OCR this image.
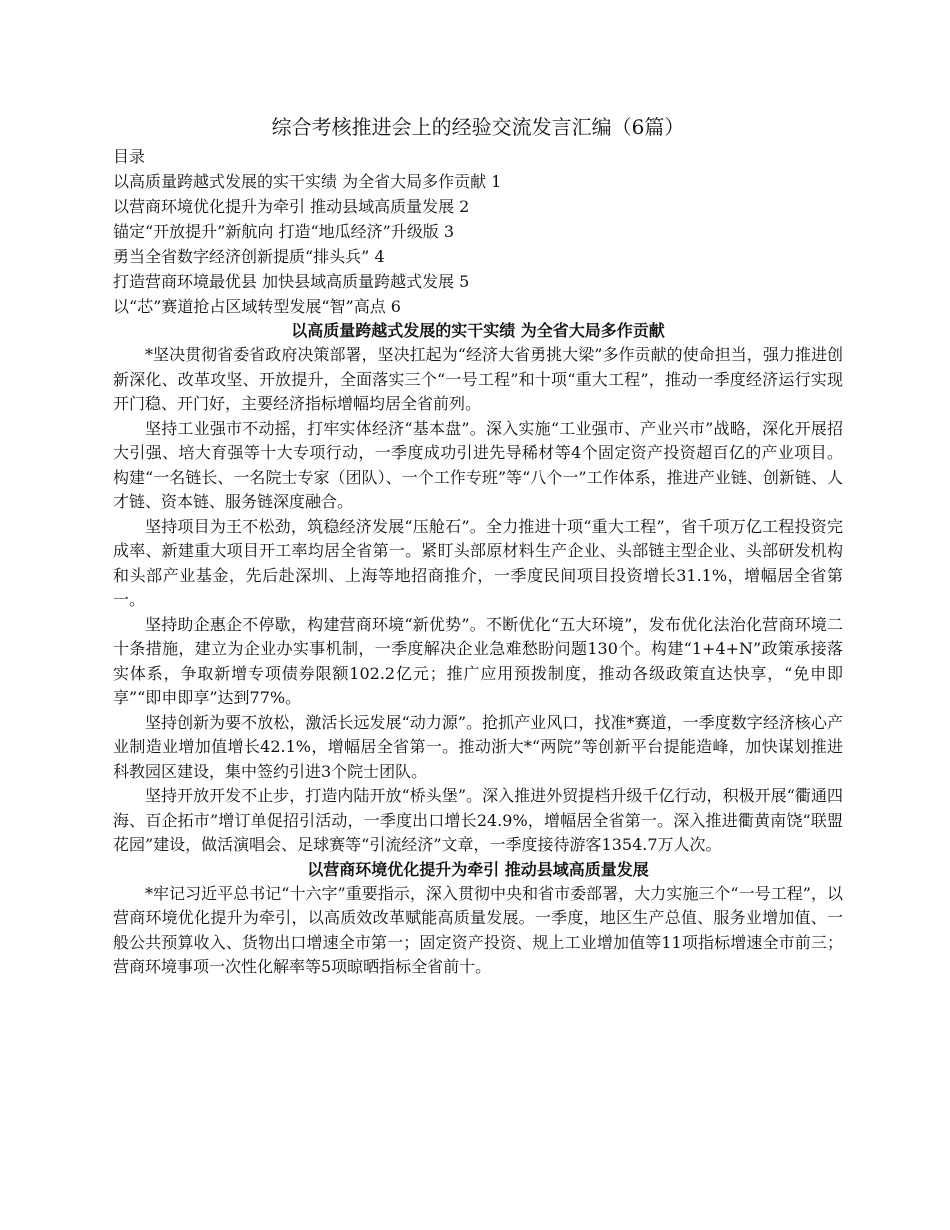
综合考核推进会上的经验交流发言汇编（6篇）
目录
以高质量跨越式发展的实干实绩 为全省大局多作贡献 1
以营商环境优化提升为牵引 推动县域高质量发展 2
锚定“开放提升”新航向 打造“地瓜经济”升级版 3
勇当全省数字经济创新提质“排头兵” 4
打造营商环境最优县 加快县域高质量跨越式发展 5
以“芯”赛道抢占区域转型发展“智”高点 6
以高质量跨越式发展的实干实绩 为全省大局多作贡献

*坚决贯彻省委省政府决策部署，坚决扛起为“经济大省勇挑大梁”多作贡献的使命担当，强力推进创新深化、改革攻坚、开放提升，全面落实三个“一号工程”和十项“重大工程”，推动一季度经济运行实现开门稳、开门好，主要经济指标增幅均居全省前列。

坚持工业强市不动摇，打牢实体经济“基本盘”。深入实施“工业强市、产业兴市”战略，深化开展招大引强、培大育强等十大专项行动，一季度成功引进先导稀材等4个固定资产投资超百亿的产业项目。构建“一名链长、一名院士专家（团队）、一个工作专班”等“八个一”工作体系，推进产业链、创新链、人才链、资本链、服务链深度融合。

坚持项目为王不松劲，筑稳经济发展“压舱石”。全力推进十项“重大工程”，省千项万亿工程投资完成率、新建重大项目开工率均居全省第一。紧盯头部原材料生产企业、头部链主型企业、头部研发机构和头部产业基金，先后赴深圳、上海等地招商推介，一季度民间项目投资增长31.1%，增幅居全省第一。

坚持助企惠企不停歇，构建营商环境“新优势”。不断优化“五大环境”，发布优化法治化营商环境二十条措施，建立为企业办实事机制，一季度解决企业急难愁盼问题130个。构建“1+4+N”政策承接落实体系，争取新增专项债券限额102.2亿元；推广应用预拨制度，推动各级政策直达快享，“免申即享”“即申即享”达到77%。

坚持创新为要不放松，激活长远发展“动力源”。抢抓产业风口，找准*赛道，一季度数字经济核心产业制造业增加值增长42.1%，增幅居全省第一。推动浙大*“两院”等创新平台提能造峰，加快谋划推进科教园区建设，集中签约引进3个院士团队。

坚持开放开发不止步，打造内陆开放“桥头堡”。深入推进外贸提档升级千亿行动，积极开展“衢通四海、百企拓市”增订单促招引活动，一季度出口增长24.9%，增幅居全省第一。深入推进衢黄南饶“联盟花园”建设，做活演唱会、足球赛等“引流经济”文章，一季度接待游客1354.7万人次。

以营商环境优化提升为牵引 推动县域高质量发展

*牢记习近平总书记“十六字”重要指示，深入贯彻中央和省市委部署，大力实施三个“一号工程”，以营商环境优化提升为牵引，以高质效改革赋能高质量发展。一季度，地区生产总值、服务业增加值、一般公共预算收入、货物出口增速全市第一；固定资产投资、规上工业增加值等11项指标增速全市前三；营商环境事项一次性化解率等5项晾晒指标全省前十。
